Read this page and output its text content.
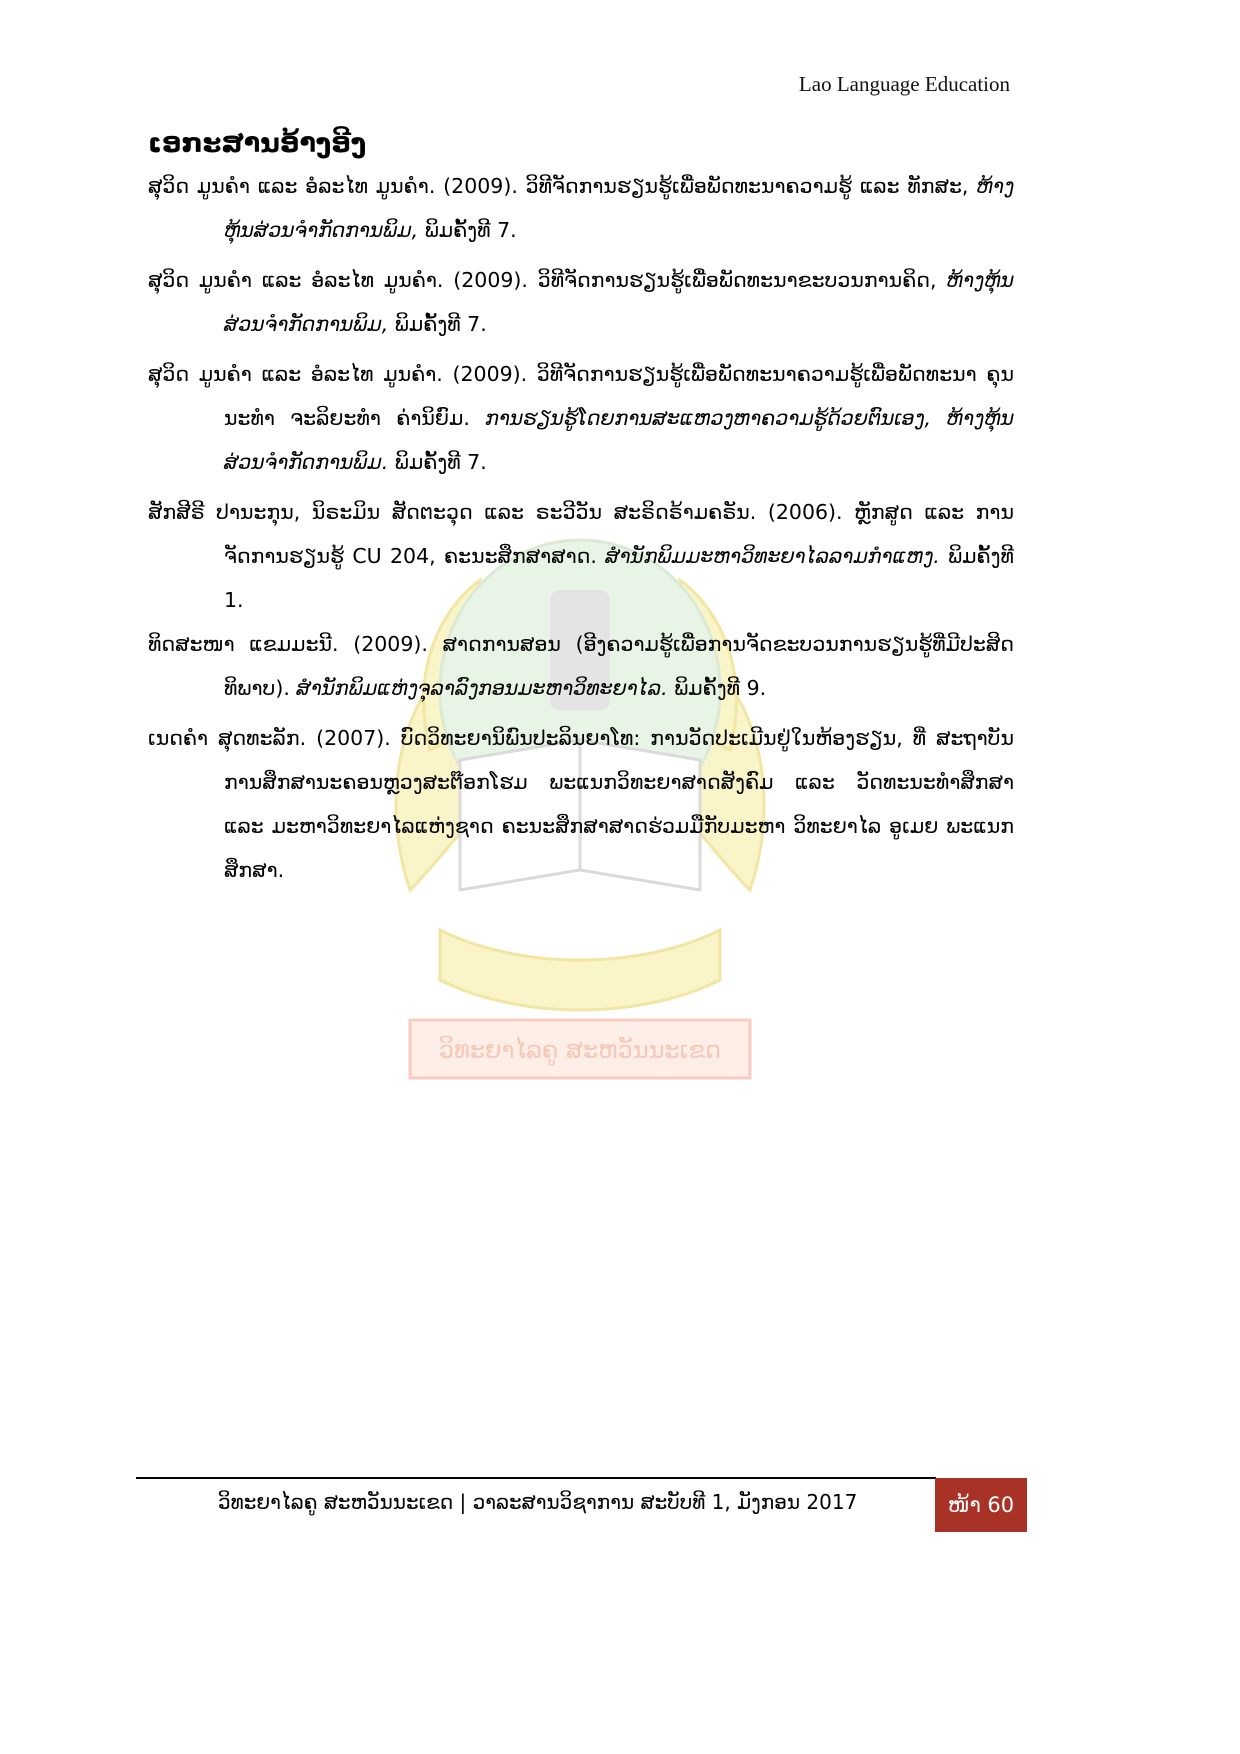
Lao Language Education
ເອກະສານອ້າງອີງ
ວິທະຍາໄລຄູ ສະຫວັນນະເຂດ
ສຸວິດ ມູນຄໍາ ແລະ ອໍລະໄທ ມູນຄໍາ. (2009). ວິທີຈັດການຮຽນຮູ້ເພື່ອພັດທະນາຄວາມຮູ້ ແລະ ທັກສະ, ຫ້າງຫຸ້ນສ່ວນຈໍາກັດການພິມ, ພິມຄັ້ງທີ 7.
ສຸວິດ ມູນຄໍາ ແລະ ອໍລະໄທ ມູນຄໍາ. (2009). ວິທີຈັດການຮຽນຮູ້ເພື່ອພັດທະນາຂະບວນການຄິດ, ຫ້າງຫຸ້ນສ່ວນຈໍາກັດການພິມ, ພິມຄັ້ງທີ 7.
ສຸວິດ ມູນຄໍາ ແລະ ອໍລະໄທ ມູນຄໍາ. (2009). ວິທີຈັດການຮຽນຮູ້ເພື່ອພັດທະນາຄວາມຮູ້ເພື່ອພັດທະນາ ຄຸນນະທໍາ ຈະລິຍະທໍາ ຄ່ານິຍົມ. ການຮຽນຮູ້ໂດຍການສະແຫວງຫາຄວາມຮູ້ດ້ວຍຕົນເອງ, ຫ້າງຫຸ້ນສ່ວນຈໍາກັດການພິມ. ພິມຄັ້ງທີ 7.
ສັກສີຣີ ປານະກຸນ, ນິຣະມິນ ສັດຕະວຸດ ແລະ ຣະວີວັນ ສະຣິດຣ້າມຄຣັນ. (2006). ຫຼັກສູດ ແລະ ການຈັດການຮຽນຮູ້ CU 204, ຄະນະສຶກສາສາດ. ສໍານັກພິມມະຫາວິທະຍາໄລລາມກໍາແຫງ. ພິມຄັ້ງທີ 1.
ທິດສະໜາ ແຂມມະນີ. (2009). ສາດການສອນ (ອີງຄວາມຮູ້ເພື່ອການຈັດຂະບວນການຮຽນຮູ້ທີ່ມີປະສິດ ທິພາບ). ສໍານັກພິມແຫ່ງຈຸລາລົງກອນມະຫາວິທະຍາໄລ. ພິມຄັ້ງທີ 9.
ເນດຄໍາ ສຸດທະລັກ. (2007). ບົດວິທະຍານິພົນປະລິນຍາໂທ: ການວັດປະເມີນຢູ່ໃນຫ້ອງຮຽນ, ທີ່ ສະຖາບັນການສຶກສານະຄອນຫຼວງສະຕ໊ອກໂຮມ ພະແນກວິທະຍາສາດສັງຄົມ ແລະ ວັດທະນະທໍາສຶກສາ ແລະ ມະຫາວິທະຍາໄລແຫ່ງຊາດ ຄະນະສຶກສາສາດຮ່ວມມືກັບມະຫາ ວິທະຍາໄລ ອູເມຍ ພະແນກສຶກສາ.
ວິທະຍາໄລຄູ ສະຫວັນນະເຂດ | ວາລະສານວິຊາການ ສະບັບທີ 1, ມັງກອນ 2017	ໜ້າ 60
